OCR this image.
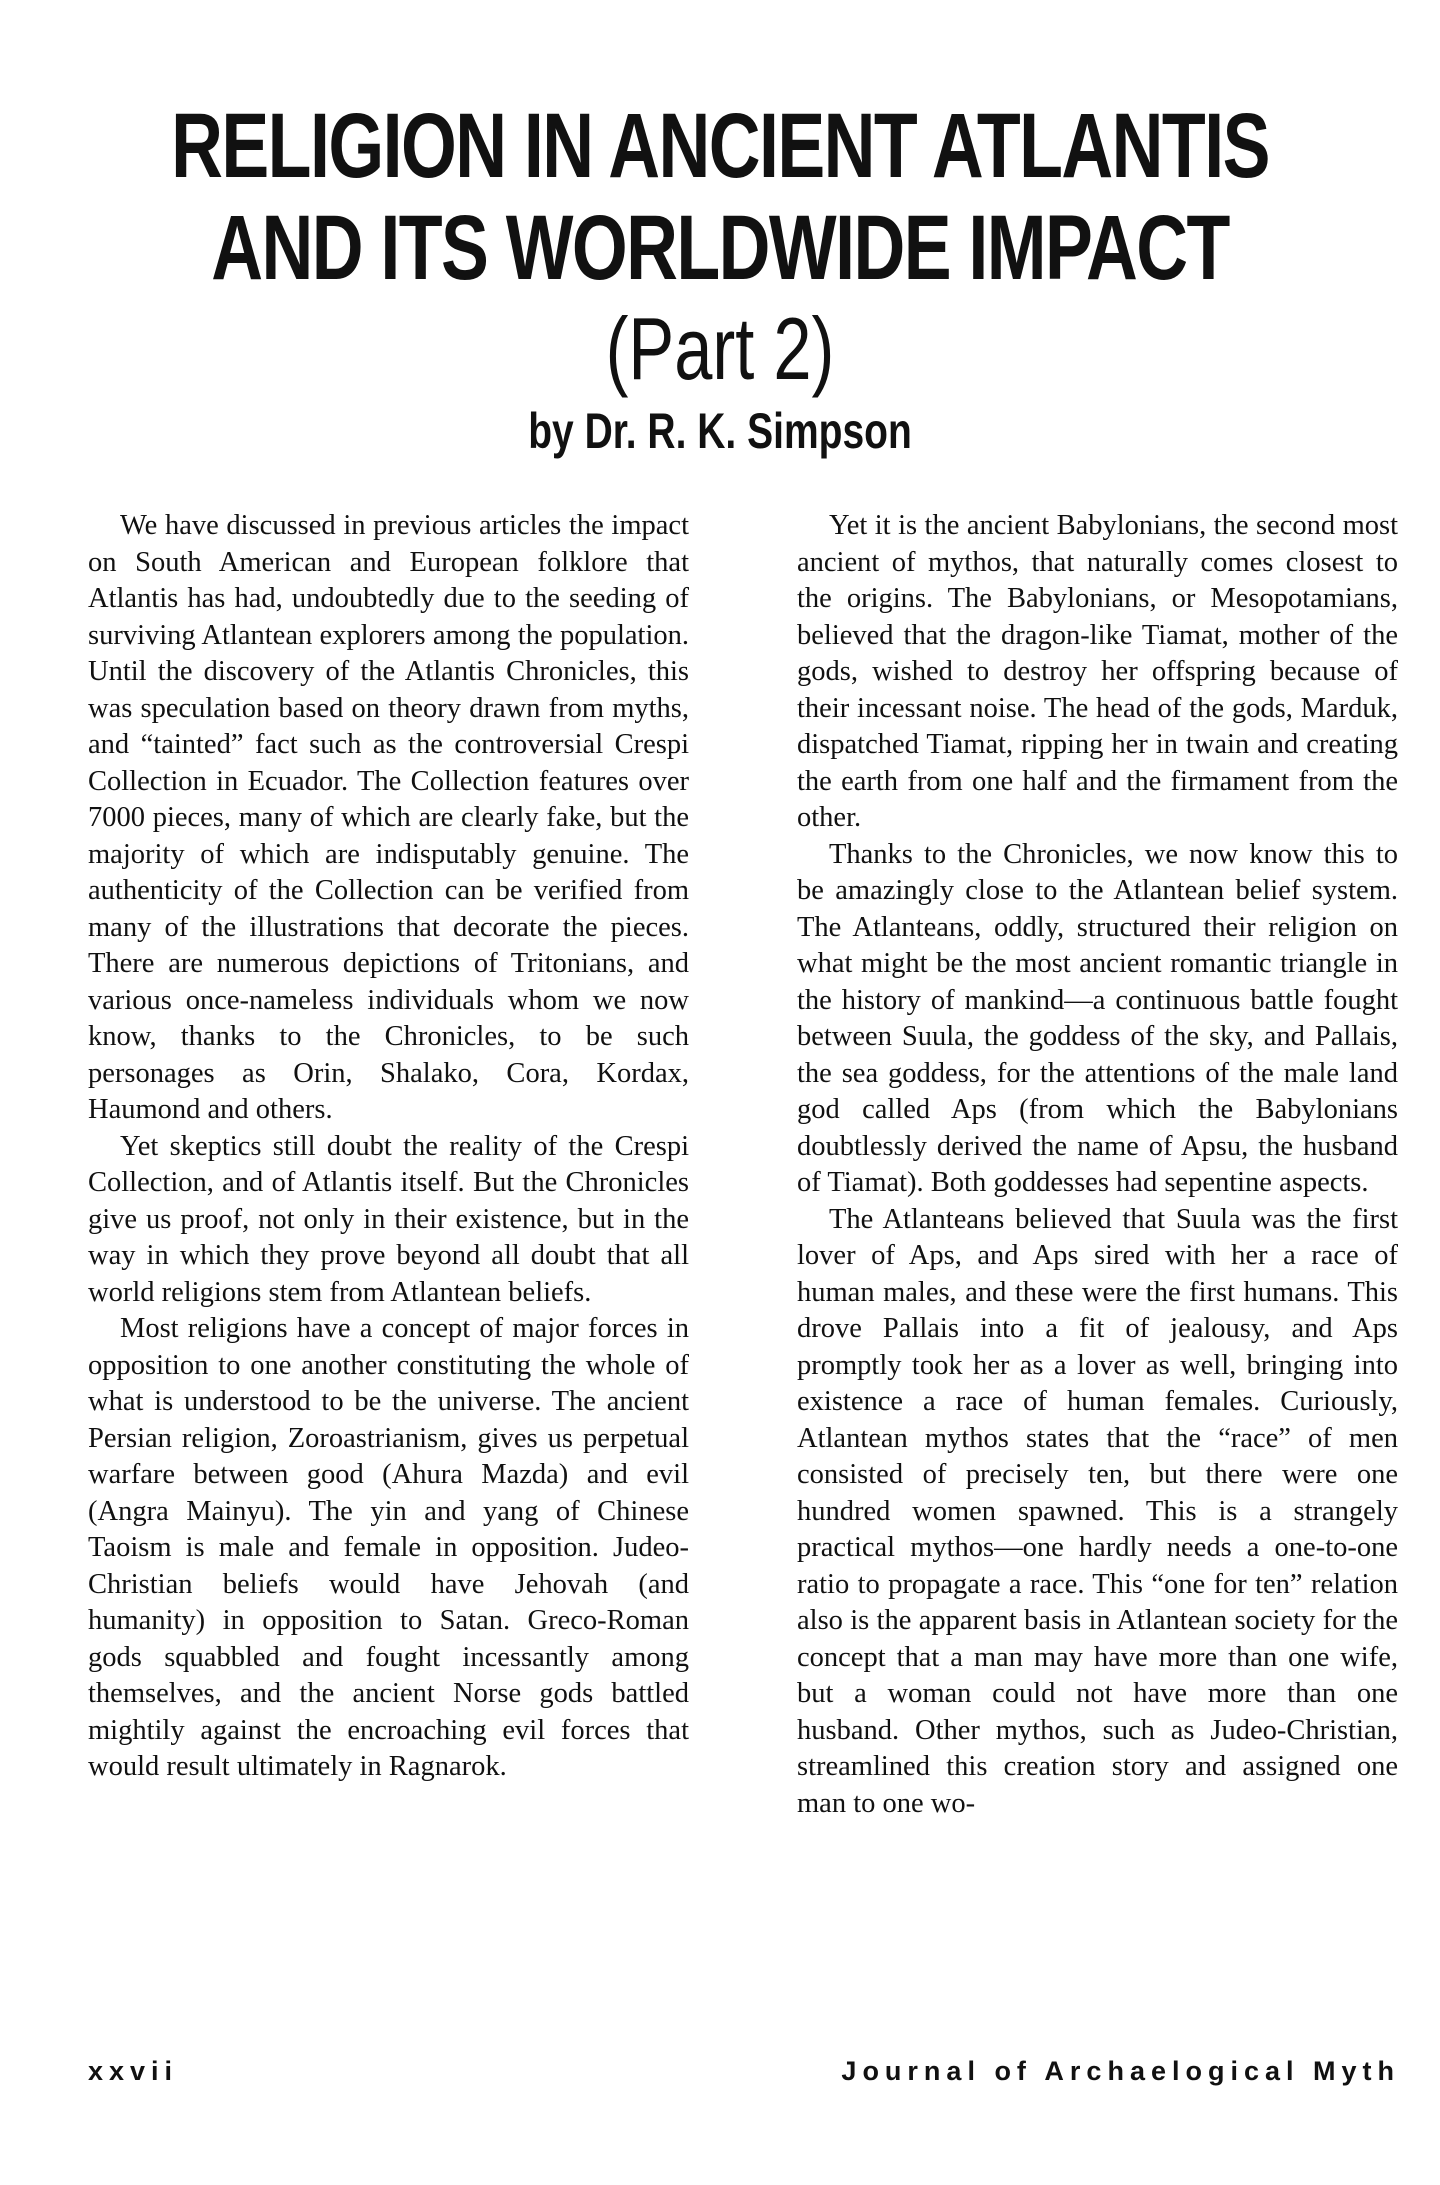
RELIGION IN ANCIENT ATLANTIS
AND ITS WORLDWIDE IMPACT
(Part 2)
by Dr. R. K. Simpson

We have discussed in previous articles the impact on South American and European folklore that Atlantis has had, undoubtedly due to the seeding of surviving Atlantean explorers among the population. Until the discovery of the Atlantis Chronicles, this was speculation based on theory drawn from myths, and “tainted” fact such as the controversial Crespi Collection in Ecuador. The Collection features over 7000 pieces, many of which are clearly fake, but the majority of which are indisputably genuine. The authenticity of the Collection can be verified from many of the illustrations that decorate the pieces. There are numerous depictions of Tritonians, and various once-nameless individuals whom we now know, thanks to the Chronicles, to be such personages as Orin, Shalako, Cora, Kordax, Haumond and others.

Yet skeptics still doubt the reality of the Crespi Collection, and of Atlantis itself. But the Chronicles give us proof, not only in their existence, but in the way in which they prove beyond all doubt that all world religions stem from Atlantean beliefs.

Most religions have a concept of major forces in opposition to one another constituting the whole of what is understood to be the universe. The ancient Persian religion, Zoroastrianism, gives us perpetual warfare between good (Ahura Mazda) and evil (Angra Mainyu). The yin and yang of Chinese Taoism is male and female in opposition. Judeo-Christian beliefs would have Jehovah (and humanity) in opposition to Satan. Greco-Roman gods squabbled and fought incessantly among themselves, and the ancient Norse gods battled mightily against the encroaching evil forces that would result ultimately in Ragnarok.

Yet it is the ancient Babylonians, the second most ancient of mythos, that naturally comes closest to the origins. The Babylonians, or Mesopotamians, believed that the dragon-like Tiamat, mother of the gods, wished to destroy her offspring because of their incessant noise. The head of the gods, Marduk, dispatched Tiamat, ripping her in twain and creating the earth from one half and the firmament from the other.

Thanks to the Chronicles, we now know this to be amazingly close to the Atlantean belief system. The Atlanteans, oddly, structured their religion on what might be the most ancient romantic triangle in the history of mankind—a continuous battle fought between Suula, the goddess of the sky, and Pallais, the sea goddess, for the attentions of the male land god called Aps (from which the Babylonians doubtlessly derived the name of Apsu, the husband of Tiamat). Both goddesses had sepentine aspects.

The Atlanteans believed that Suula was the first lover of Aps, and Aps sired with her a race of human males, and these were the first humans. This drove Pallais into a fit of jealousy, and Aps promptly took her as a lover as well, bringing into existence a race of human females. Curiously, Atlantean mythos states that the “race” of men consisted of precisely ten, but there were one hundred women spawned. This is a strangely practical mythos—one hardly needs a one-to-one ratio to propagate a race. This “one for ten” relation also is the apparent basis in Atlantean society for the concept that a man may have more than one wife, but a woman could not have more than one husband. Other mythos, such as Judeo-Christian, streamlined this creation story and assigned one man to one wo-

xxvii	Journal of Archaelogical Myth
